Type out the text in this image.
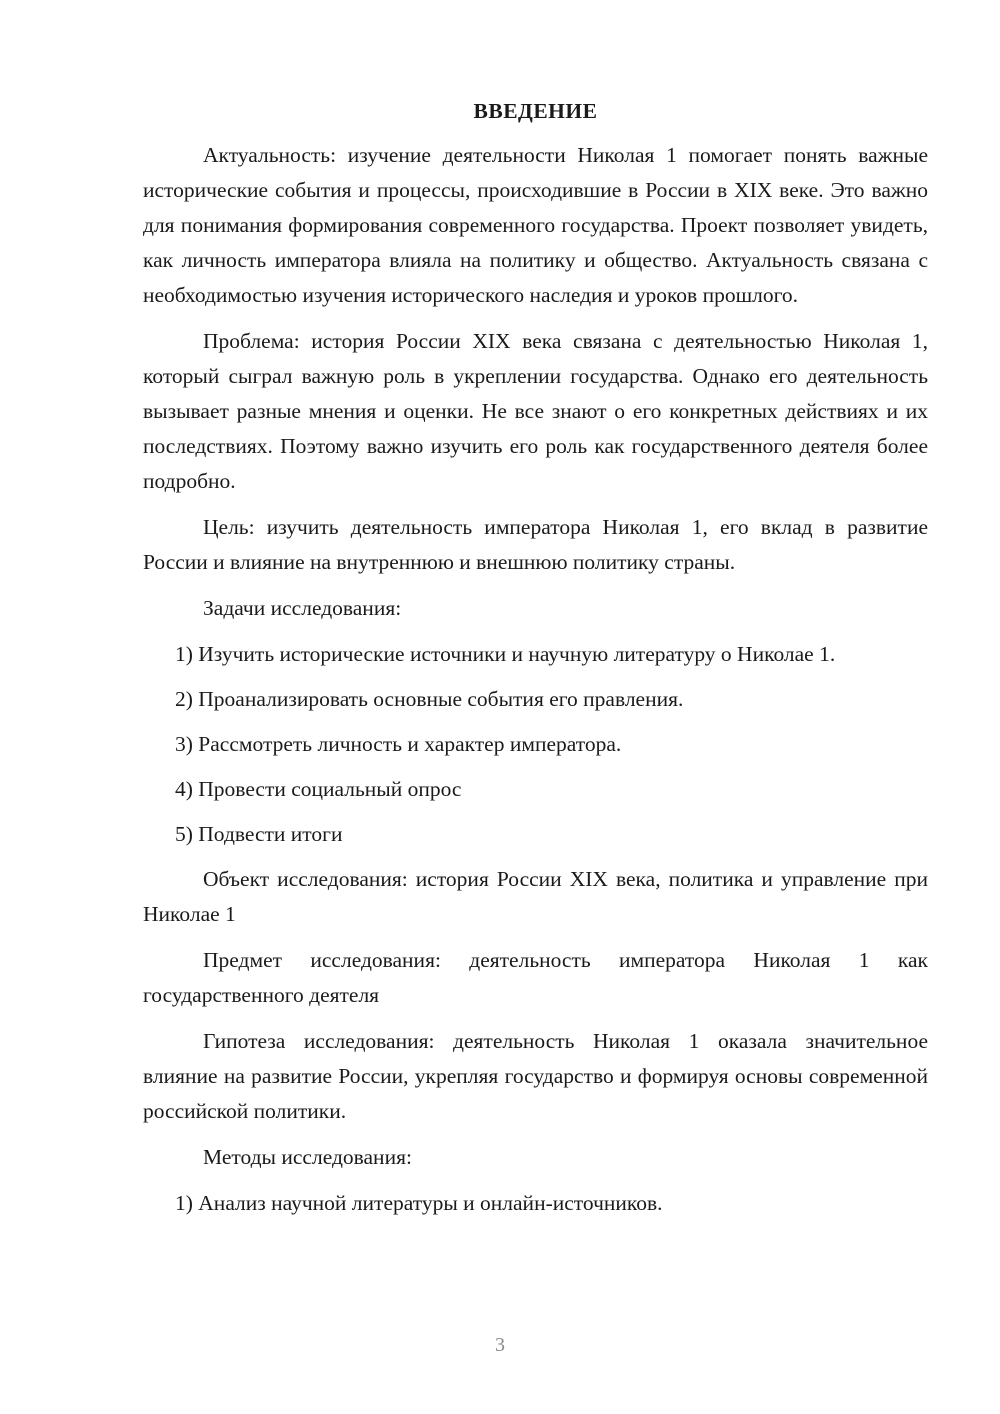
ВВЕДЕНИЕ

Актуальность: изучение деятельности Николая 1 помогает понять важные исторические события и процессы, происходившие в России в XIX веке. Это важно для понимания формирования современного государства. Проект позволяет увидеть, как личность императора влияла на политику и общество. Актуальность связана с необходимостью изучения исторического наследия и уроков прошлого.

Проблема: история России XIX века связана с деятельностью Николая 1, который сыграл важную роль в укреплении государства. Однако его деятельность вызывает разные мнения и оценки. Не все знают о его конкретных действиях и их последствиях. Поэтому важно изучить его роль как государственного деятеля более подробно.

Цель: изучить деятельность императора Николая 1, его вклад в развитие России и влияние на внутреннюю и внешнюю политику страны.

Задачи исследования:

1) Изучить исторические источники и научную литературу о Николае 1.

2) Проанализировать основные события его правления.

3) Рассмотреть личность и характер императора.

4) Провести социальный опрос

5) Подвести итоги

Объект исследования: история России XIX века, политика и управление при Николае 1

Предмет исследования: деятельность императора Николая 1 как государственного деятеля

Гипотеза исследования: деятельность Николая 1 оказала значительное влияние на развитие России, укрепляя государство и формируя основы современной российской политики.

Методы исследования:

1) Анализ научной литературы и онлайн-источников.

3
